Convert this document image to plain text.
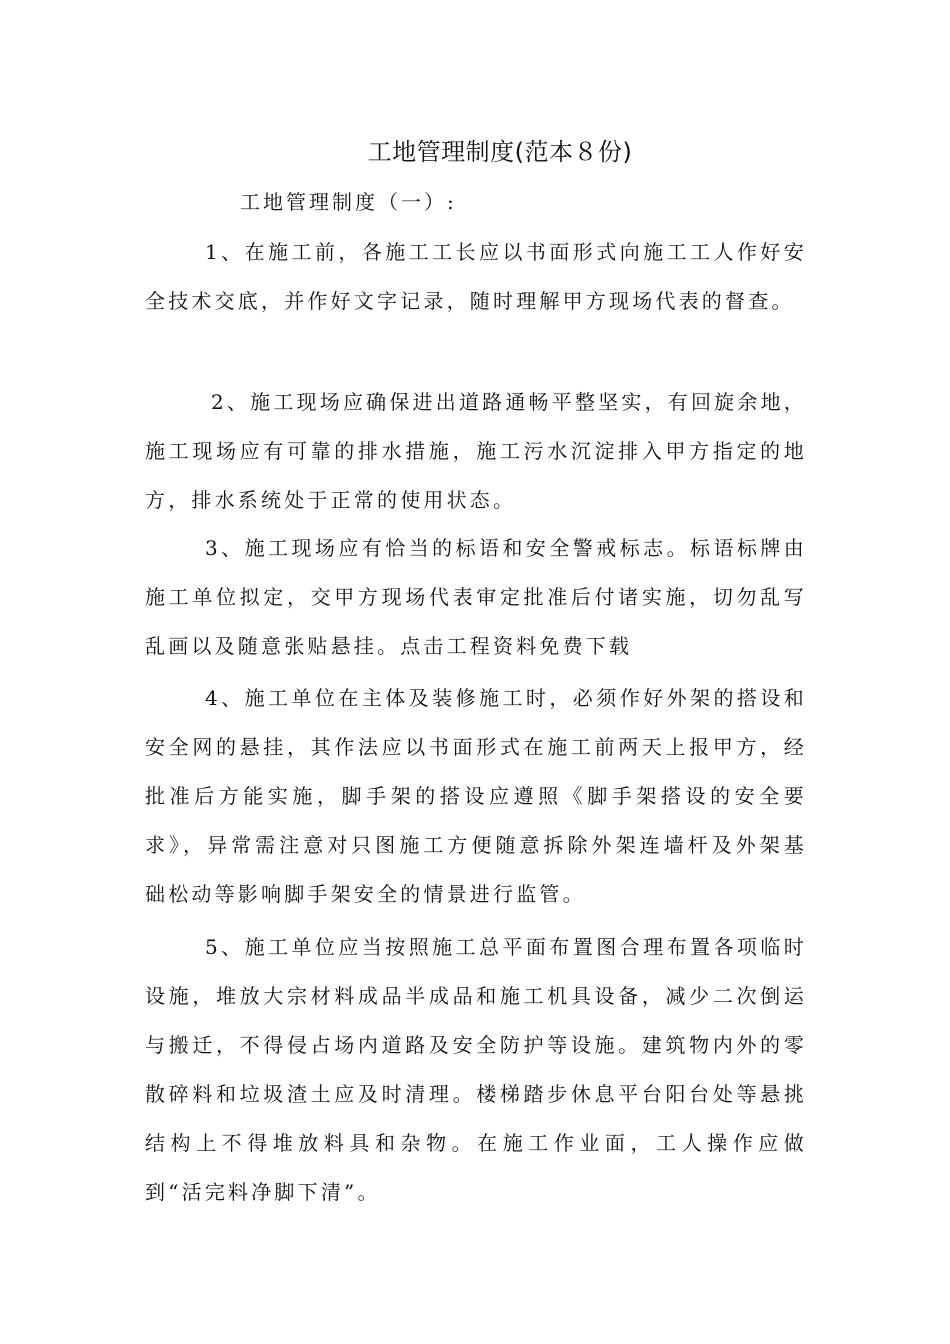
工地管理制度(范本８份)
工地管理制度（一）:

1、在施工前，各施工工长应以书面形式向施工工人作好安全技术交底，并作好文字记录，随时理解甲方现场代表的督查。

2、施工现场应确保进出道路通畅平整坚实，有回旋余地，施工现场应有可靠的排水措施，施工污水沉淀排入甲方指定的地方，排水系统处于正常的使用状态。

3、施工现场应有恰当的标语和安全警戒标志。标语标牌由施工单位拟定，交甲方现场代表审定批准后付诸实施，切勿乱写乱画以及随意张贴悬挂。点击工程资料免费下载

4、施工单位在主体及装修施工时，必须作好外架的搭设和安全网的悬挂，其作法应以书面形式在施工前两天上报甲方，经批准后方能实施，脚手架的搭设应遵照《脚手架搭设的安全要求》，异常需注意对只图施工方便随意拆除外架连墙杆及外架基础松动等影响脚手架安全的情景进行监管。

5、施工单位应当按照施工总平面布置图合理布置各项临时设施，堆放大宗材料成品半成品和施工机具设备，减少二次倒运与搬迁，不得侵占场内道路及安全防护等设施。建筑物内外的零散碎料和垃圾渣土应及时清理。楼梯踏步休息平台阳台处等悬挑结构上不得堆放料具和杂物。在施工作业面，工人操作应做到“活完料净脚下清”。
